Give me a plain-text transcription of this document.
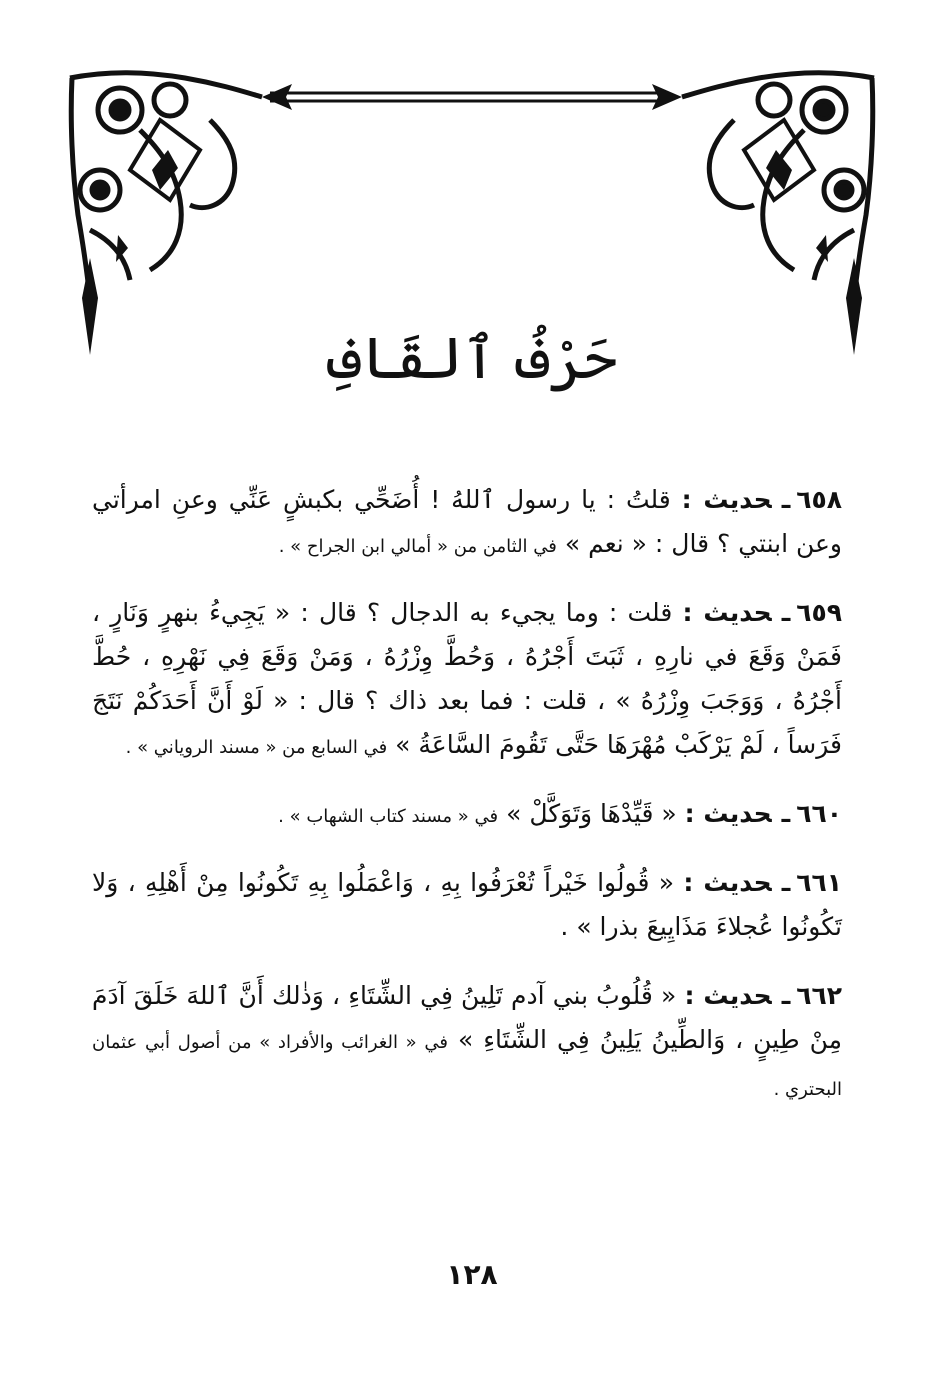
حَرْفُ ٱلقَافِ

٦٥٨ـحديث : قلتُ : يا رسول ٱللهُ ! أُضَحِّي بكبشٍ عَنِّي وعنِ امرأتي وعن ابنتي ؟ قال : « نعم » في الثامن من « أمالي ابن الجراح » .

٦٥٩ـحديث : قلت : وما يجيء به الدجال ؟ قال : « يَجِيءُ بنهرٍ وَنَارٍ ، فَمَنْ وَقَعَ في نارِهِ ، ثَبَتَ أَجْرُهُ ، وَحُطَّ وِزْرُهُ ، وَمَنْ وَقَعَ فِي نَهْرِهِ ، حُطَّ أَجْرُهُ ، وَوَجَبَ وِزْرُهُ » ، قلت : فما بعد ذاك ؟ قال : « لَوْ أَنَّ أَحَدَكُمْ نَتَجَ فَرَساً ، لَمْ يَرْكَبْ مُهْرَهَا حَتَّى تَقُومَ السَّاعَةُ » في السابع من « مسند الروياني » .

٦٦٠ـحديث : « قَيِّدْهَا وَتَوَكَّلْ » في « مسند كتاب الشهاب » .

٦٦١ـحديث : « قُولُوا خَيْراً تُعْرَفُوا بِهِ ، وَاعْمَلُوا بِهِ تَكُونُوا مِنْ أَهْلِهِ ، وَلا تَكُونُوا عُجلاءَ مَذَايِيعَ بذرا » .

٦٦٢ـحديث : « قُلُوبُ بني آدم تَلِينُ فِي الشِّتَاءِ ، وَذٰلك أَنَّ ٱللهَ خَلَقَ آدَمَ مِنْ طِينٍ ، وَالطِّينُ يَلِينُ فِي الشِّتَاءِ » في « الغرائب والأفراد » من أصول أبي عثمان البحتري .

١٢٨
